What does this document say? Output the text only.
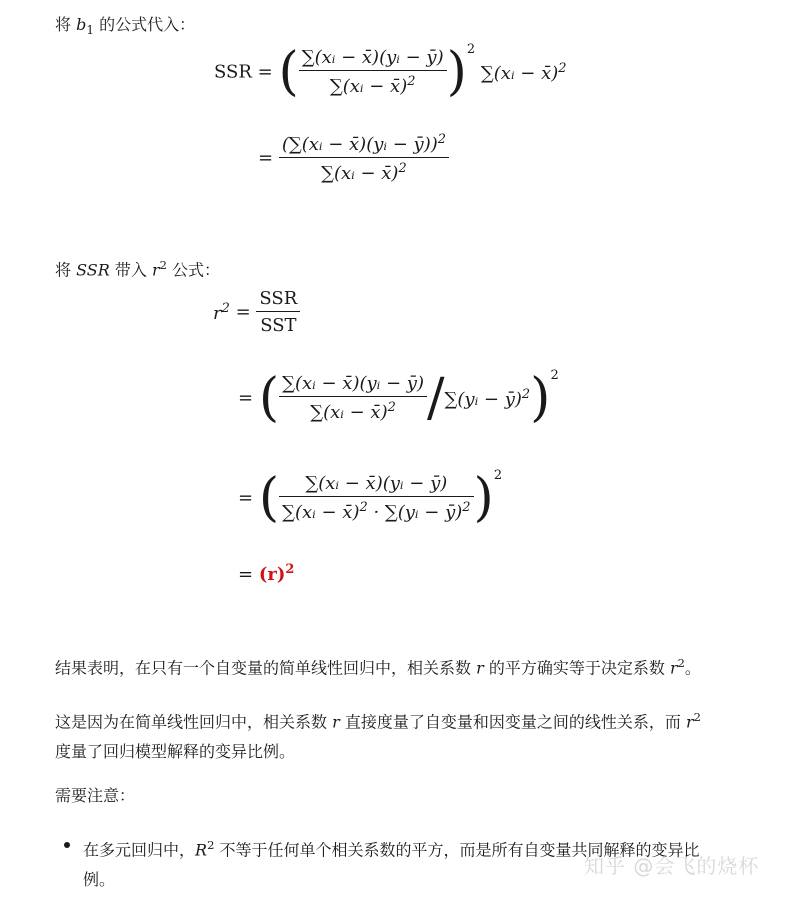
将 $b_1$ 的公式代入：
SSR = ( $\frac{\text{∑(xᵢ − x̄)(yᵢ − ȳ)}}{\sum(xᵢ - x̄)^2} )^2$ ∑(xᵢ − x̄)$^2$
= $\frac{(\sum(xᵢ - x̄)(yᵢ - ȳ))^2}{\sum(xᵢ - x̄)^2}$
将 SSR 带入 $r^2$ 公式：
$r^2 = \frac{\text{SSR}}{\text{SST}}$
= ( $\frac{\text{∑(xᵢ − x̄)(yᵢ − ȳ)}}{\sum(xᵢ - x̄)^2}$ /∑(yᵢ − ȳ)$^2$)$^2$
= ( $\frac{\text{∑(xᵢ − x̄)(yᵢ − ȳ)}}{\sum(xᵢ - x̄)^2 \cdot \sum(yᵢ - ȳ)^2} )^2$
= $(r)^2$
结果表明，在只有一个自变量的简单线性回归中，相关系数 r 的平方确实等于决定系数 $r^2$。
这是因为在简单线性回归中，相关系数 r 直接度量了自变量和因变量之间的线性关系，而 $r^2$
度量了回归模型解释的变异比例。
需要注意：
在多元回归中，$R^2$ 不等于任何单个相关系数的平方，而是所有自变量共同解释的变异比
例。
知乎 @会飞的烧杯
